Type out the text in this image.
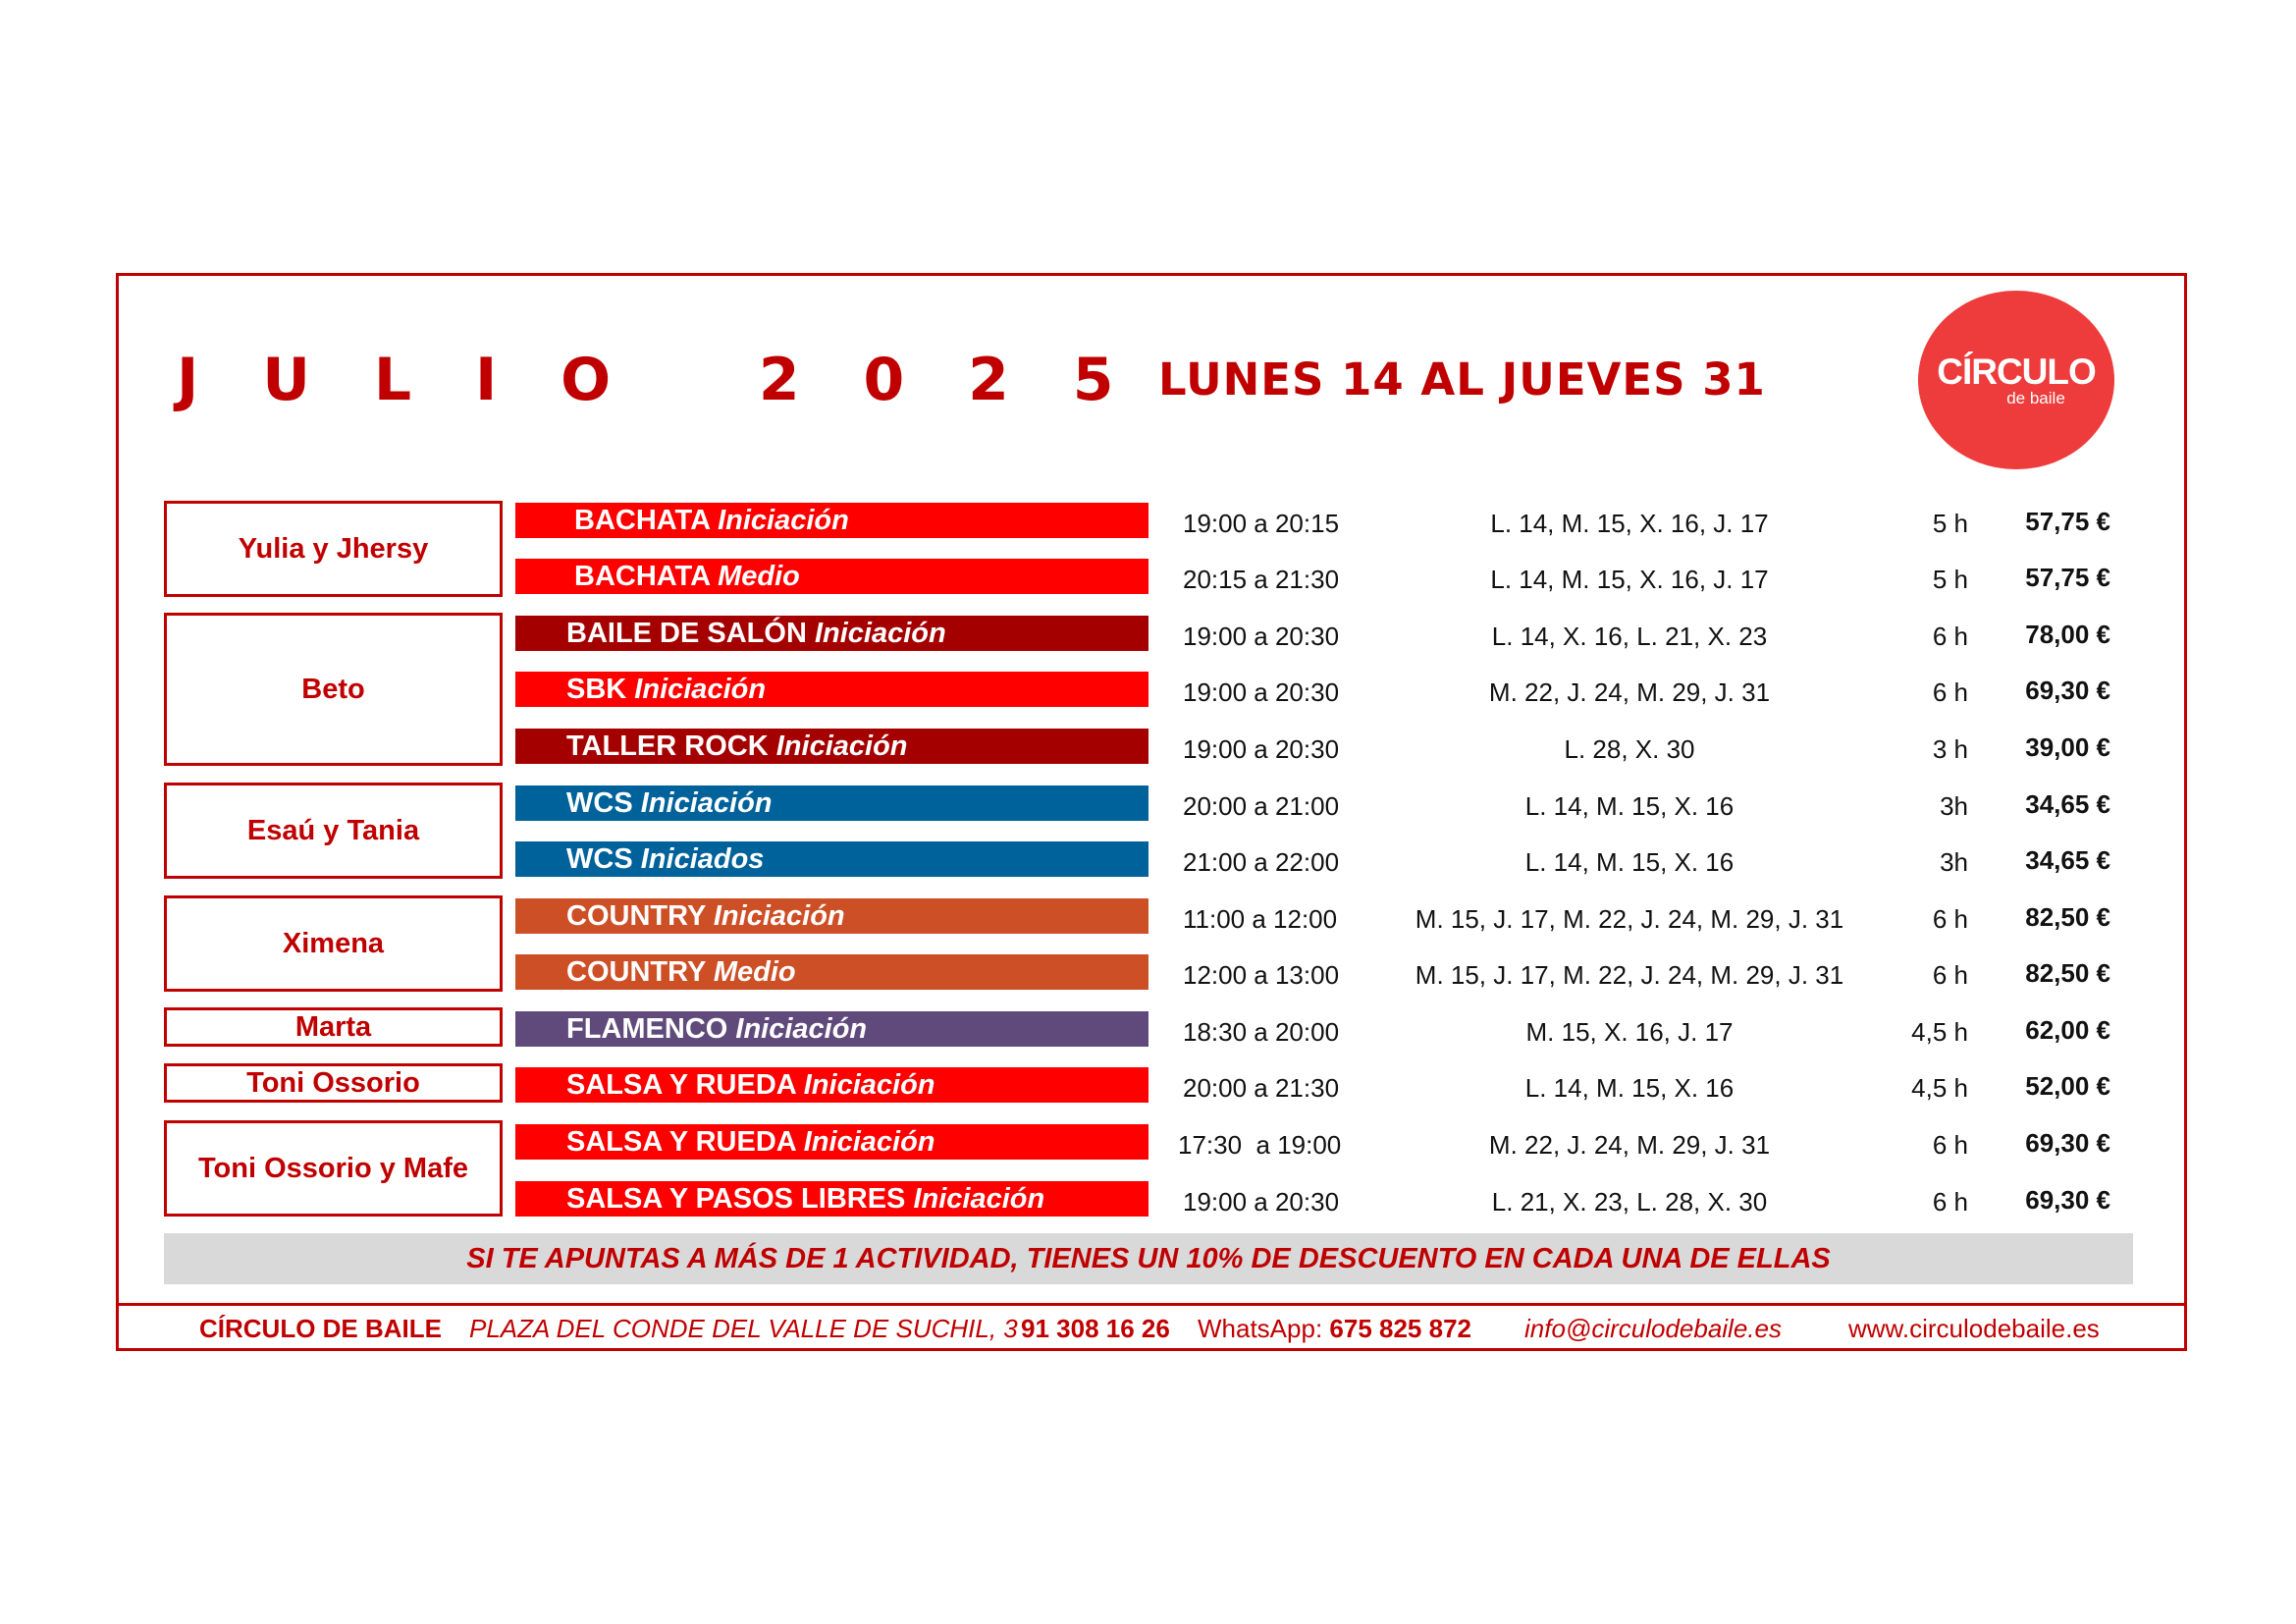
J U L I O   2 0 2 5 LUNES 14 AL JUEVES 31	CÍRCULO
de baile
Yulia y Jhersy
Beto
Esaú y Tania
Ximena
Marta
Toni Ossorio
Toni Ossorio y Mafe
BACHATA Iniciación
BACHATA Medio
BAILE DE SALÓN Iniciación
SBK Iniciación
TALLER ROCK Iniciación
WCS Iniciación
WCS Iniciados
COUNTRY Iniciación
COUNTRY Medio
FLAMENCO Iniciación
SALSA Y RUEDA Iniciación
SALSA Y RUEDA Iniciación
SALSA Y PASOS LIBRES Iniciación
19:00 a 20:15
20:15 a 21:30
19:00 a 20:30
19:00 a 20:30
19:00 a 20:30
20:00 a 21:00
21:00 a 22:00
11:00 a 12:00
12:00 a 13:00
18:30 a 20:00
20:00 a 21:30
17:30  a 19:00
19:00 a 20:30
L. 14, M. 15, X. 16, J. 17
L. 14, M. 15, X. 16, J. 17
L. 14, X. 16, L. 21, X. 23
M. 22, J. 24, M. 29, J. 31
L. 28, X. 30
L. 14, M. 15, X. 16
L. 14, M. 15, X. 16
M. 15, J. 17, M. 22, J. 24, M. 29, J. 31
M. 15, J. 17, M. 22, J. 24, M. 29, J. 31
M. 15, X. 16, J. 17
L. 14, M. 15, X. 16
M. 22, J. 24, M. 29, J. 31
L. 21, X. 23, L. 28, X. 30
5 h
5 h
6 h
6 h
3 h
3h
3h
6 h
6 h
4,5 h
4,5 h
6 h
6 h
57,75 €
57,75 €
78,00 €
69,30 €
39,00 €
34,65 €
34,65 €
82,50 €
82,50 €
62,00 €
52,00 €
69,30 €
69,30 €
SI TE APUNTAS A MÁS DE 1 ACTIVIDAD, TIENES UN 10% DE DESCUENTO EN CADA UNA DE ELLAS
CÍRCULO DE BAILE PLAZA DEL CONDE DEL VALLE DE SUCHIL, 3 91 308 16 26 WhatsApp: 675 825 872 info@circulodebaile.es	www.circulodebaile.es
